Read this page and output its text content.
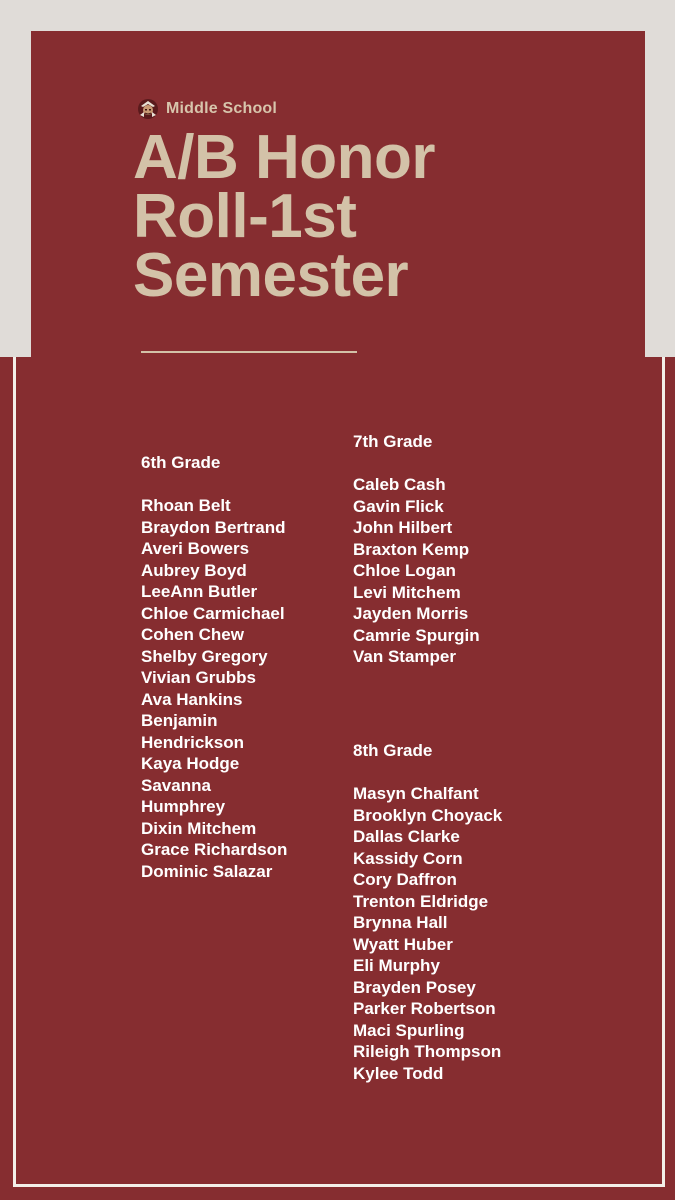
Middle School
A/B Honor
Roll-1st
Semester
6th Grade
Rhoan Belt
Braydon Bertrand
Averi Bowers
Aubrey Boyd
LeeAnn Butler
Chloe Carmichael
Cohen Chew
Shelby Gregory
Vivian Grubbs
Ava Hankins
Benjamin
Hendrickson
Kaya Hodge
Savanna
Humphrey
Dixin Mitchem
Grace Richardson
Dominic Salazar
7th Grade
Caleb Cash
Gavin Flick
John Hilbert
Braxton Kemp
Chloe Logan
Levi Mitchem
Jayden Morris
Camrie Spurgin
Van Stamper
8th Grade
Masyn Chalfant
Brooklyn Choyack
Dallas Clarke
Kassidy Corn
Cory Daffron
Trenton Eldridge
Brynna Hall
Wyatt Huber
Eli Murphy
Brayden Posey
Parker Robertson
Maci Spurling
Rileigh Thompson
Kylee Todd
